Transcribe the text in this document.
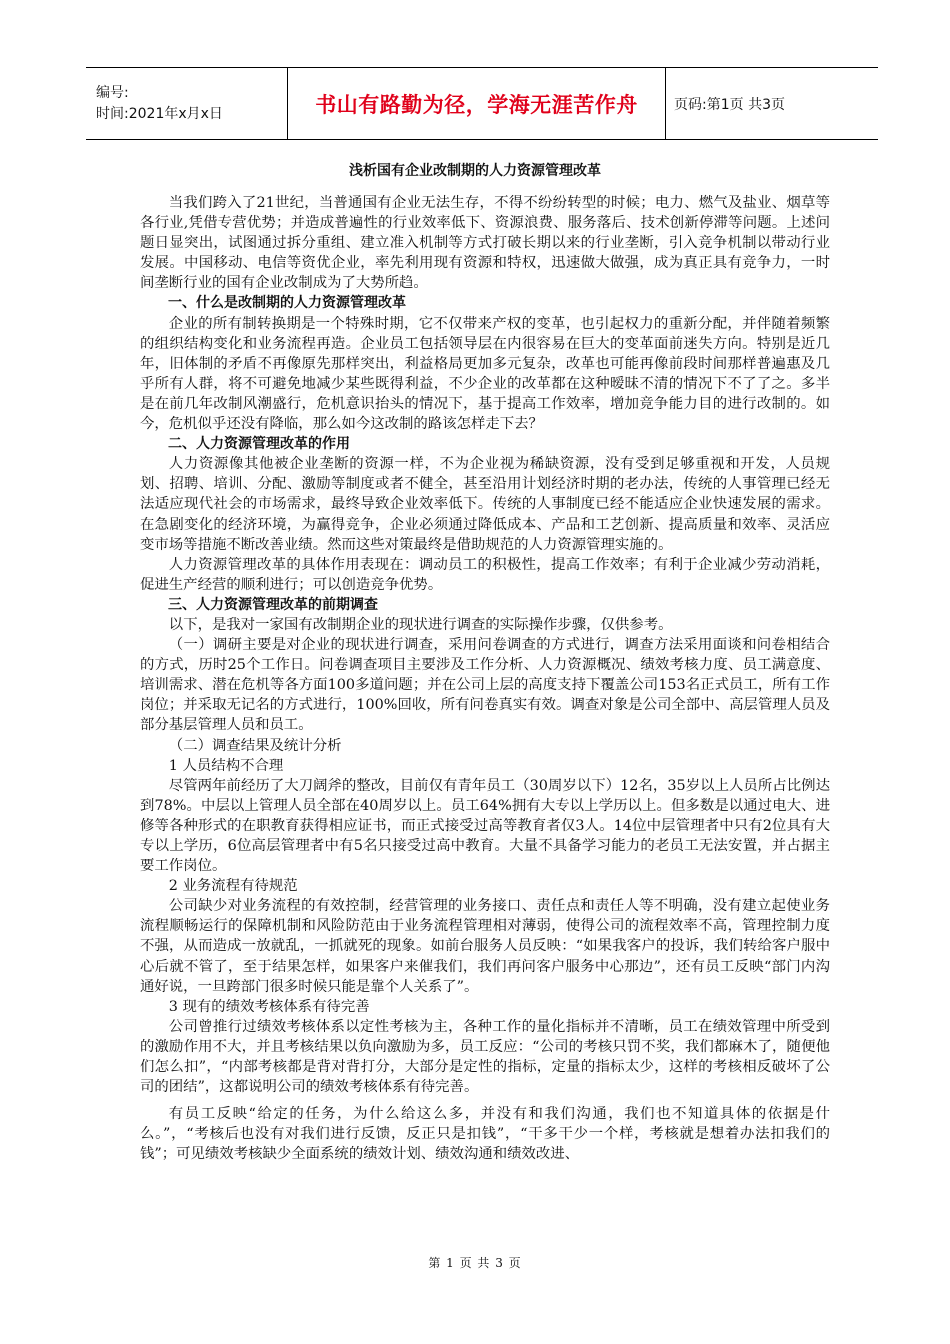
编号:
时间:2021年x月x日	书山有路勤为径，学海无涯苦作舟	页码:第1页 共3页
浅析国有企业改制期的人力资源管理改革

当我们跨入了21世纪，当普通国有企业无法生存，不得不纷纷转型的时候；电力、燃气及盐业、烟草等各行业,凭借专营优势；并造成普遍性的行业效率低下、资源浪费、服务落后、技术创新停滞等问题。上述问题日显突出，试图通过拆分重组、建立准入机制等方式打破长期以来的行业垄断，引入竞争机制以带动行业发展。中国移动、电信等资优企业，率先利用现有资源和特权，迅速做大做强，成为真正具有竞争力，一时间垄断行业的国有企业改制成为了大势所趋。

一、什么是改制期的人力资源管理改革

企业的所有制转换期是一个特殊时期，它不仅带来产权的变革，也引起权力的重新分配，并伴随着频繁的组织结构变化和业务流程再造。企业员工包括领导层在内很容易在巨大的变革面前迷失方向。特别是近几年，旧体制的矛盾不再像原先那样突出，利益格局更加多元复杂，改革也可能再像前段时间那样普遍惠及几乎所有人群，将不可避免地减少某些既得利益，不少企业的改革都在这种暧昧不清的情况下不了了之。多半是在前几年改制风潮盛行，危机意识抬头的情况下，基于提高工作效率，增加竞争能力目的进行改制的。如今，危机似乎还没有降临，那么如今这改制的路该怎样走下去？

二、人力资源管理改革的作用

人力资源像其他被企业垄断的资源一样，不为企业视为稀缺资源，没有受到足够重视和开发，人员规划、招聘、培训、分配、激励等制度或者不健全，甚至沿用计划经济时期的老办法，传统的人事管理已经无法适应现代社会的市场需求，最终导致企业效率低下。传统的人事制度已经不能适应企业快速发展的需求。在急剧变化的经济环境，为赢得竞争，企业必须通过降低成本、产品和工艺创新、提高质量和效率、灵活应变市场等措施不断改善业绩。然而这些对策最终是借助规范的人力资源管理实施的。

人力资源管理改革的具体作用表现在：调动员工的积极性，提高工作效率；有利于企业减少劳动消耗，促进生产经营的顺利进行；可以创造竞争优势。

三、人力资源管理改革的前期调查

以下，是我对一家国有改制期企业的现状进行调查的实际操作步骤，仅供参考。

（一）调研主要是对企业的现状进行调查，采用问卷调查的方式进行，调查方法采用面谈和问卷相结合的方式，历时25个工作日。问卷调查项目主要涉及工作分析、人力资源概况、绩效考核力度、员工满意度、培训需求、潜在危机等各方面100多道问题；并在公司上层的高度支持下覆盖公司153名正式员工，所有工作岗位；并采取无记名的方式进行，100%回收，所有问卷真实有效。调查对象是公司全部中、高层管理人员及部分基层管理人员和员工。

（二）调查结果及统计分析

1 人员结构不合理

尽管两年前经历了大刀阔斧的整改，目前仅有青年员工（30周岁以下）12名，35岁以上人员所占比例达到78%。中层以上管理人员全部在40周岁以上。员工64%拥有大专以上学历以上。但多数是以通过电大、进修等各种形式的在职教育获得相应证书，而正式接受过高等教育者仅3人。14位中层管理者中只有2位具有大专以上学历，6位高层管理者中有5名只接受过高中教育。大量不具备学习能力的老员工无法安置，并占据主要工作岗位。

2 业务流程有待规范

公司缺少对业务流程的有效控制，经营管理的业务接口、责任点和责任人等不明确，没有建立起使业务流程顺畅运行的保障机制和风险防范由于业务流程管理相对薄弱，使得公司的流程效率不高，管理控制力度不强，从而造成一放就乱，一抓就死的现象。如前台服务人员反映：“如果我客户的投诉，我们转给客户服中心后就不管了，至于结果怎样，如果客户来催我们，我们再问客户服务中心那边”，还有员工反映“部门内沟通好说，一旦跨部门很多时候只能是靠个人关系了”。

3 现有的绩效考核体系有待完善

公司曾推行过绩效考核体系以定性考核为主，各种工作的量化指标并不清晰，员工在绩效管理中所受到的激励作用不大，并且考核结果以负向激励为多，员工反应：“公司的考核只罚不奖，我们都麻木了，随便他们怎么扣”，“内部考核都是背对背打分，大部分是定性的指标，定量的指标太少，这样的考核相反破坏了公司的团结”，这都说明公司的绩效考核体系有待完善。

有员工反映“给定的任务，为什么给这么多，并没有和我们沟通，我们也不知道具体的依据是什么。”，“考核后也没有对我们进行反馈，反正只是扣钱”，“干多干少一个样，考核就是想着办法扣我们的钱”；可见绩效考核缺少全面系统的绩效计划、绩效沟通和绩效改进、

第 1 页 共 3 页
